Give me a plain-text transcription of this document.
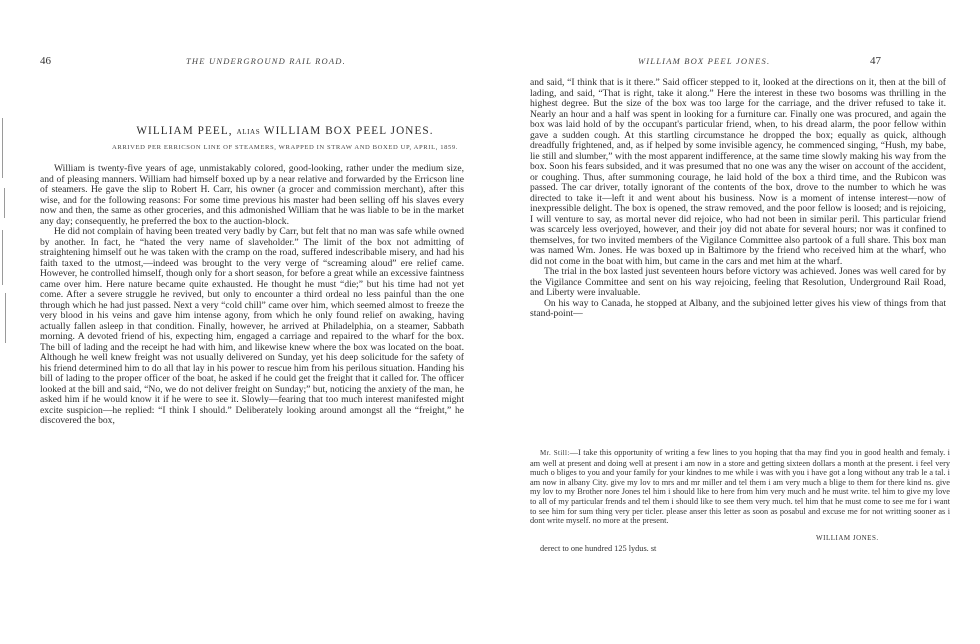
46	THE UNDERGROUND RAIL ROAD.
WILLIAM PEEL, ALIAS WILLIAM BOX PEEL JONES.
ARRIVED PER ERRICSON LINE OF STEAMERS, WRAPPED IN STRAW AND BOXED UP, APRIL, 1859.

William is twenty-five years of age, unmistakably colored, good-looking, rather under the medium size, and of pleasing manners. William had himself boxed up by a near relative and forwarded by the Erricson line of steamers. He gave the slip to Robert H. Carr, his owner (a grocer and commission merchant), after this wise, and for the following reasons: For some time previous his master had been selling off his slaves every now and then, the same as other groceries, and this admonished William that he was liable to be in the market any day; consequently, he preferred the box to the auction-block.

He did not complain of having been treated very badly by Carr, but felt that no man was safe while owned by another. In fact, he “hated the very name of slaveholder.” The limit of the box not admitting of straightening himself out he was taken with the cramp on the road, suffered indescribable misery, and had his faith taxed to the utmost,—indeed was brought to the very verge of “screaming aloud” ere relief came. However, he controlled himself, though only for a short season, for before a great while an excessive faintness came over him. Here nature became quite exhausted. He thought he must “die;” but his time had not yet come. After a severe struggle he revived, but only to encounter a third ordeal no less painful than the one through which he had just passed. Next a very “cold chill” came over him, which seemed almost to freeze the very blood in his veins and gave him intense agony, from which he only found relief on awaking, having actually fallen asleep in that condition. Finally, however, he arrived at Philadelphia, on a steamer, Sabbath morning. A devoted friend of his, expecting him, engaged a carriage and repaired to the wharf for the box. The bill of lading and the receipt he had with him, and likewise knew where the box was located on the boat. Although he well knew freight was not usually delivered on Sunday, yet his deep solicitude for the safety of his friend determined him to do all that lay in his power to rescue him from his perilous situation. Handing his bill of lading to the proper officer of the boat, he asked if he could get the freight that it called for. The officer looked at the bill and said, “No, we do not deliver freight on Sunday;” but, noticing the anxiety of the man, he asked him if he would know it if he were to see it. Slowly—fearing that too much interest manifested might excite suspicion—he replied: “I think I should.” Deliberately looking around amongst all the “freight,” he discovered the box,

WILLIAM BOX PEEL JONES.	47

and said, “I think that is it there.” Said officer stepped to it, looked at the directions on it, then at the bill of lading, and said, “That is right, take it along.” Here the interest in these two bosoms was thrilling in the highest degree. But the size of the box was too large for the carriage, and the driver refused to take it. Nearly an hour and a half was spent in looking for a furniture car. Finally one was procured, and again the box was laid hold of by the occupant's particular friend, when, to his dread alarm, the poor fellow within gave a sudden cough. At this startling circumstance he dropped the box; equally as quick, although dreadfully frightened, and, as if helped by some invisible agency, he commenced singing, “Hush, my babe, lie still and slumber,” with the most apparent indifference, at the same time slowly making his way from the box. Soon his fears subsided, and it was presumed that no one was any the wiser on account of the accident, or coughing. Thus, after summoning courage, he laid hold of the box a third time, and the Rubicon was passed. The car driver, totally ignorant of the contents of the box, drove to the number to which he was directed to take it—left it and went about his business. Now is a moment of intense interest—now of inexpressible delight. The box is opened, the straw removed, and the poor fellow is loosed; and is rejoicing, I will venture to say, as mortal never did rejoice, who had not been in similar peril. This particular friend was scarcely less overjoyed, however, and their joy did not abate for several hours; nor was it confined to themselves, for two invited members of the Vigilance Committee also partook of a full share. This box man was named Wm. Jones. He was boxed up in Baltimore by the friend who received him at the wharf, who did not come in the boat with him, but came in the cars and met him at the wharf.

The trial in the box lasted just seventeen hours before victory was achieved. Jones was well cared for by the Vigilance Committee and sent on his way rejoicing, feeling that Resolution, Underground Rail Road, and Liberty were invaluable.

On his way to Canada, he stopped at Albany, and the subjoined letter gives his view of things from that stand-point—

Mr. Still:—I take this opportunity of writing a few lines to you hoping that tha may find you in good health and femaly. i am well at present and doing well at present i am now in a store and getting sixteen dollars a month at the present. i feel very much o bliges to you and your family for your kindnes to me while i was with you i have got a long without any trab le a tal. i am now in albany City. give my lov to mrs and mr miller and tel them i am very much a blige to them for there kind ns. give my lov to my Brother nore Jones tel him i should like to here from him very much and he must write. tel him to give my love to all of my particular frends and tel them i should like to see them very much. tel him that he must come to see me for i want to see him for sum thing very per ticler. please anser this letter as soon as posabul and excuse me for not writting sooner as i dont write myself. no more at the present.

WILLIAM JONES.
derect to one hundred 125 lydus. st
